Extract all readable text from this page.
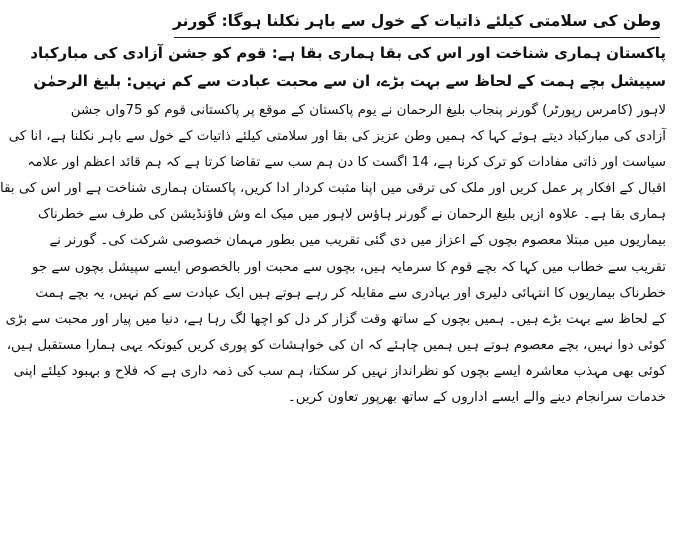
وطن کی سلامتی کیلئے ذاتیات کے خول سے باہر نکلنا ہوگا: گورنر
پاکستان ہماری شناخت اور اس کی بقا ہماری بقا ہے: قوم کو جشن آزادی کی مبارکباد
سپیشل بچے ہمت کے لحاظ سے بہت بڑے، ان سے محبت عبادت سے کم نہیں: بلیغ الرحمٰن
لاہور (کامرس رپورٹر) گورنر پنجاب بلیغ الرحمان نے یوم پاکستان کے موقع پر پاکستانی قوم کو 75واں جشن
آزادی کی مبارکباد دیتے ہوئے کہا کہ ہمیں وطن عزیز کی بقا اور سلامتی کیلئے ذاتیات کے خول سے باہر نکلنا ہے، انا کی
سیاست اور ذاتی مفادات کو ترک کرنا ہے، 14 اگست کا دن ہم سب سے تقاضا کرتا ہے کہ ہم قائد اعظم اور علامہ
اقبال کے افکار پر عمل کریں اور ملک کی ترقی میں اپنا مثبت کردار ادا کریں، پاکستان ہماری شناخت ہے اور اس کی بقا
ہماری بقا ہے۔ علاوہ ازیں بلیغ الرحمان نے گورنر ہاؤس لاہور میں میک اے وش فاؤنڈیشن کی طرف سے خطرناک
بیماریوں میں مبتلا معصوم بچوں کے اعزاز میں دی گئی تقریب میں بطور مہمان خصوصی شرکت کی۔ گورنر نے
تقریب سے خطاب میں کہا کہ بچے قوم کا سرمایہ ہیں، بچوں سے محبت اور بالخصوص ایسے سپیشل بچوں سے جو
خطرناک بیماریوں کا انتہائی دلیری اور بہادری سے مقابلہ کر رہے ہوتے ہیں ایک عبادت سے کم نہیں، یہ بچے ہمت
کے لحاظ سے بہت بڑے ہیں۔ ہمیں بچوں کے ساتھ وقت گزار کر دل کو اچھا لگ رہا ہے، دنیا میں پیار اور محبت سے بڑی
کوئی دوا نہیں، بچے معصوم ہوتے ہیں ہمیں چاہئے کہ ان کی خواہشات کو پوری کریں کیونکہ یہی ہمارا مستقبل ہیں،
کوئی بھی مہذب معاشرہ ایسے بچوں کو نظرانداز نہیں کر سکتا، ہم سب کی ذمہ داری ہے کہ فلاح و بہبود کیلئے اپنی
خدمات سرانجام دینے والے ایسے اداروں کے ساتھ بھرپور تعاون کریں۔
